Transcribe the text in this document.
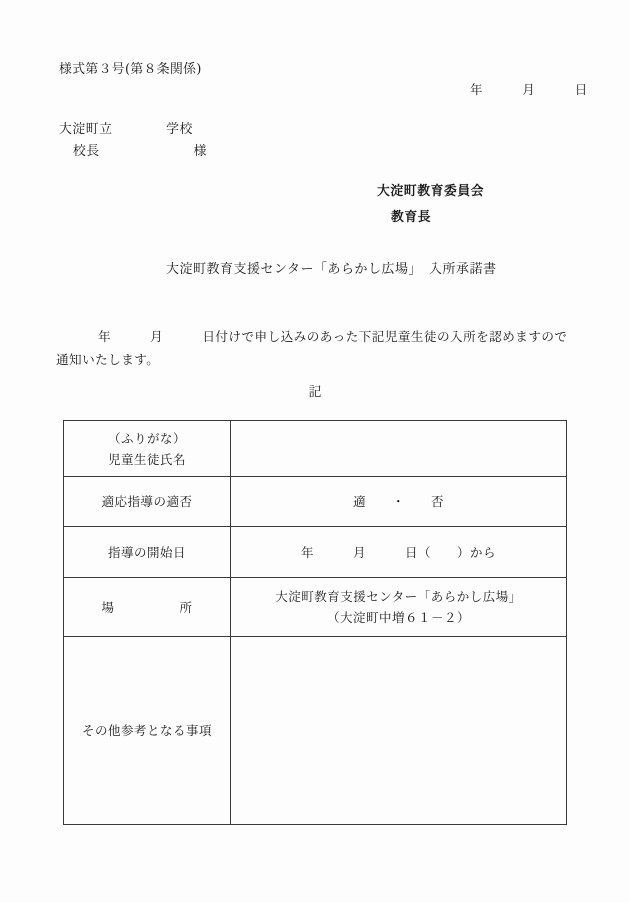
様式第３号(第８条関係)
年　　　月　　　日
大淀町立　　　　学校
校長　　　　　　　様
大淀町教育委員会
教育長
大淀町教育支援センター「あらかし広場」　入所承諾書
年　　　月　　　日付けで申し込みのあった下記児童生徒の入所を認めますので通知いたします。
記
（ふりがな）
児童生徒氏名	

適応指導の適否	適　　・　　否
指導の開始日	年　　　月　　　日（　　）から
場　　　　　所	大淀町教育支援センター「あらかし広場」
（大淀町中増６１－２）

その他参考となる事項	
